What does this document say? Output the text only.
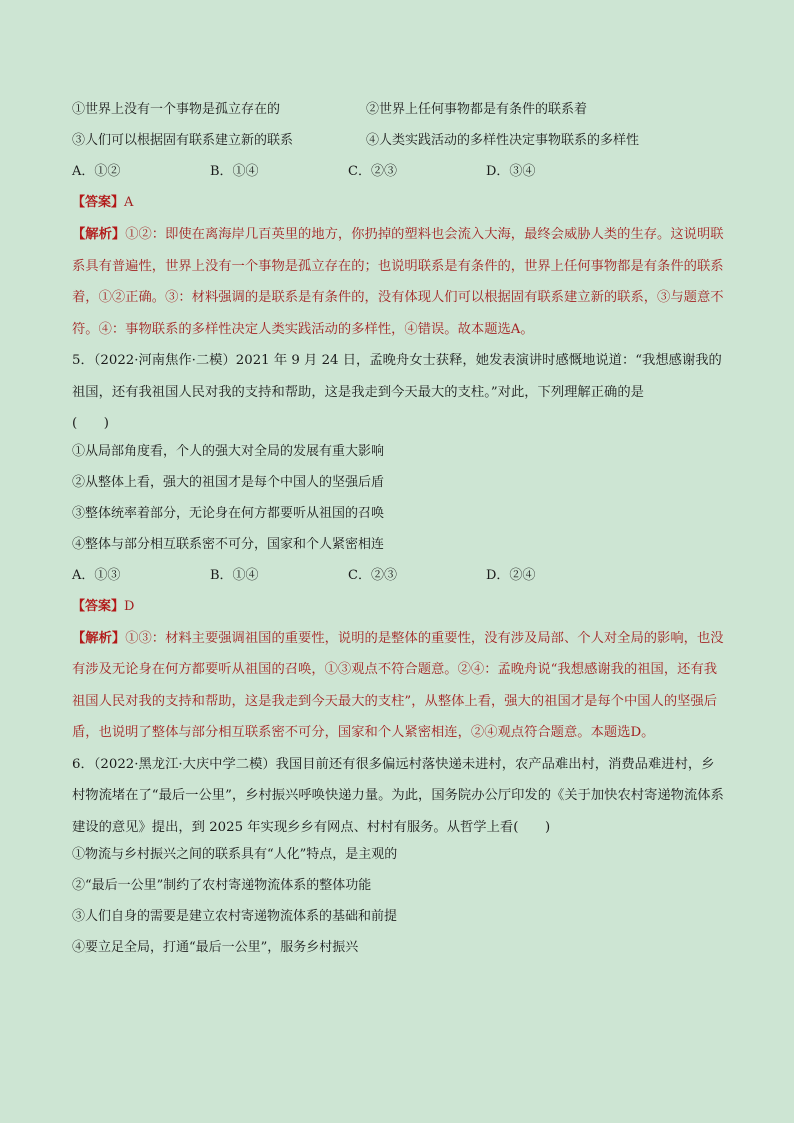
①世界上没有一个事物是孤立存在的	②世界上任何事物都是有条件的联系着
③人们可以根据固有联系建立新的联系	④人类实践活动的多样性决定事物联系的多样性
A．①②	B．①④	C．②③	D．③④
【答案】A
【解析】①②：即使在离海岸几百英里的地方，你扔掉的塑料也会流入大海，最终会威胁人类的生存。这说明联系具有普遍性，世界上没有一个事物是孤立存在的；也说明联系是有条件的，世界上任何事物都是有条件的联系着，①②正确。③：材料强调的是联系是有条件的，没有体现人们可以根据固有联系建立新的联系，③与题意不符。④：事物联系的多样性决定人类实践活动的多样性，④错误。故本题选A。
5．（2022·河南焦作·二模）2021 年 9 月 24 日，孟晚舟女士获释，她发表演讲时感慨地说道：“我想感谢我的祖国，还有我祖国人民对我的支持和帮助，这是我走到今天最大的支柱。”对此，下列理解正确的是
(　　)
①从局部角度看，个人的强大对全局的发展有重大影响
②从整体上看，强大的祖国才是每个中国人的坚强后盾
③整体统率着部分，无论身在何方都要听从祖国的召唤
④整体与部分相互联系密不可分，国家和个人紧密相连
A．①③	B．①④	C．②③	D．②④
【答案】D
【解析】①③：材料主要强调祖国的重要性，说明的是整体的重要性，没有涉及局部、个人对全局的影响，也没有涉及无论身在何方都要听从祖国的召唤，①③观点不符合题意。②④：孟晚舟说“我想感谢我的祖国，还有我祖国人民对我的支持和帮助，这是我走到今天最大的支柱”，从整体上看，强大的祖国才是每个中国人的坚强后盾，也说明了整体与部分相互联系密不可分，国家和个人紧密相连，②④观点符合题意。本题选D。
6．（2022·黑龙江·大庆中学二模）我国目前还有很多偏远村落快递未进村，农产品难出村，消费品难进村，乡村物流堵在了“最后一公里”，乡村振兴呼唤快递力量。为此，国务院办公厅印发的《关于加快农村寄递物流体系建设的意见》提出，到 2025 年实现乡乡有网点、村村有服务。从哲学上看(　　)
①物流与乡村振兴之间的联系具有“人化”特点，是主观的
②“最后一公里”制约了农村寄递物流体系的整体功能
③人们自身的需要是建立农村寄递物流体系的基础和前提
④要立足全局，打通“最后一公里”，服务乡村振兴
